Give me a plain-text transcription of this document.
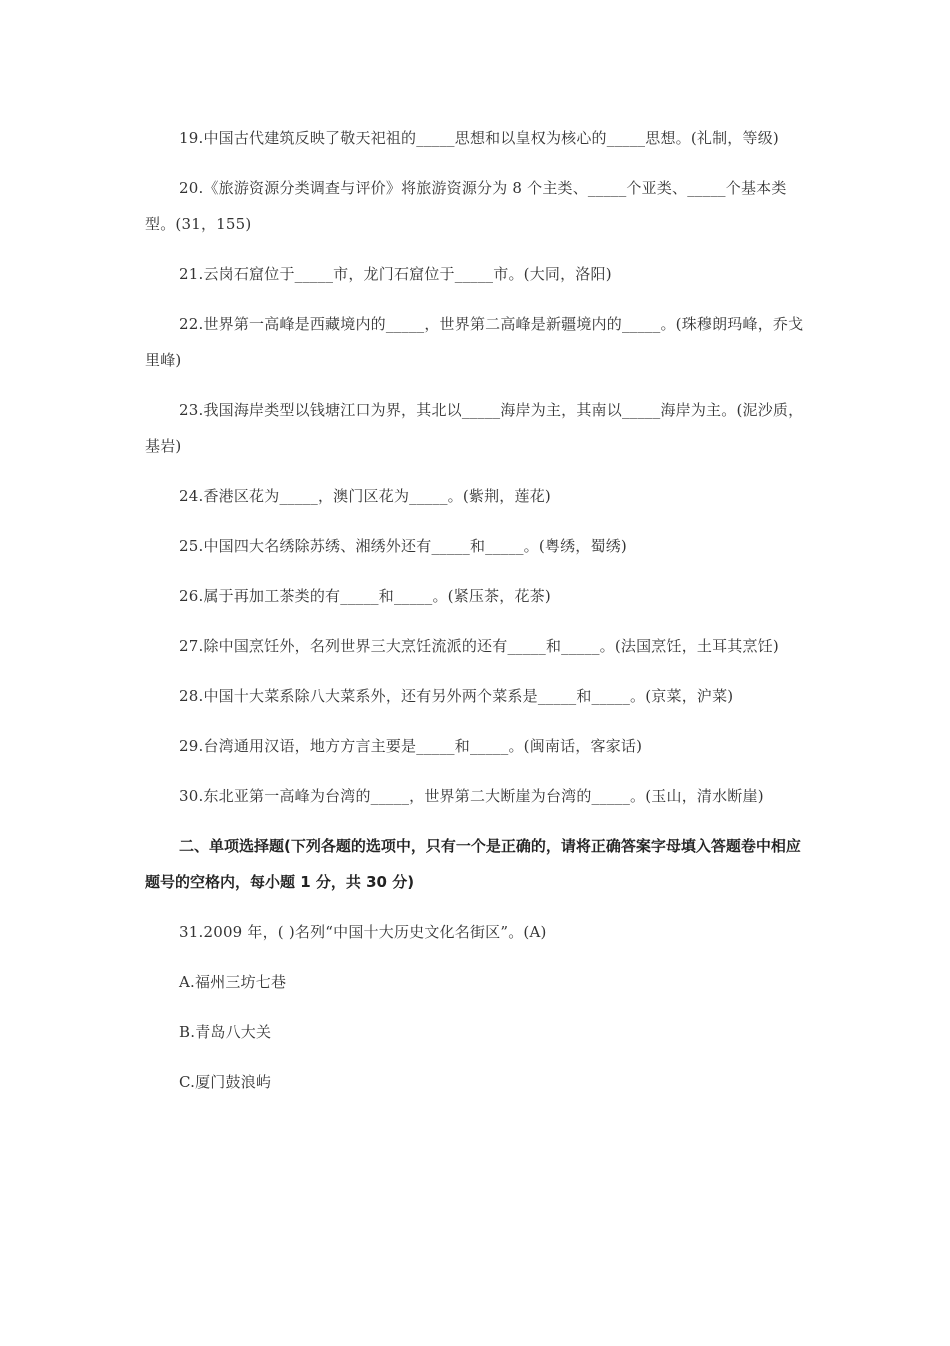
19.中国古代建筑反映了敬天祀祖的_____思想和以皇权为核心的_____思想。(礼制，等级)

20.《旅游资源分类调查与评价》将旅游资源分为 8 个主类、_____个亚类、_____个基本类型。(31，155)

21.云岗石窟位于_____市，龙门石窟位于_____市。(大同，洛阳)

22.世界第一高峰是西藏境内的_____，世界第二高峰是新疆境内的_____。(珠穆朗玛峰，乔戈里峰)

23.我国海岸类型以钱塘江口为界，其北以_____海岸为主，其南以_____海岸为主。(泥沙质，基岩)

24.香港区花为_____，澳门区花为_____。(紫荆，莲花)

25.中国四大名绣除苏绣、湘绣外还有_____和_____。(粤绣，蜀绣)

26.属于再加工茶类的有_____和_____。(紧压茶，花茶)

27.除中国烹饪外，名列世界三大烹饪流派的还有_____和_____。(法国烹饪，土耳其烹饪)

28.中国十大菜系除八大菜系外，还有另外两个菜系是_____和_____。(京菜，沪菜)

29.台湾通用汉语，地方方言主要是_____和_____。(闽南话，客家话)

30.东北亚第一高峰为台湾的_____，世界第二大断崖为台湾的_____。(玉山，清水断崖)

二、单项选择题(下列各题的选项中，只有一个是正确的，请将正确答案字母填入答题卷中相应题号的空格内，每小题 1 分，共 30 分)

31.2009 年，( )名列“中国十大历史文化名街区”。(A)

A.福州三坊七巷

B.青岛八大关

C.厦门鼓浪屿
